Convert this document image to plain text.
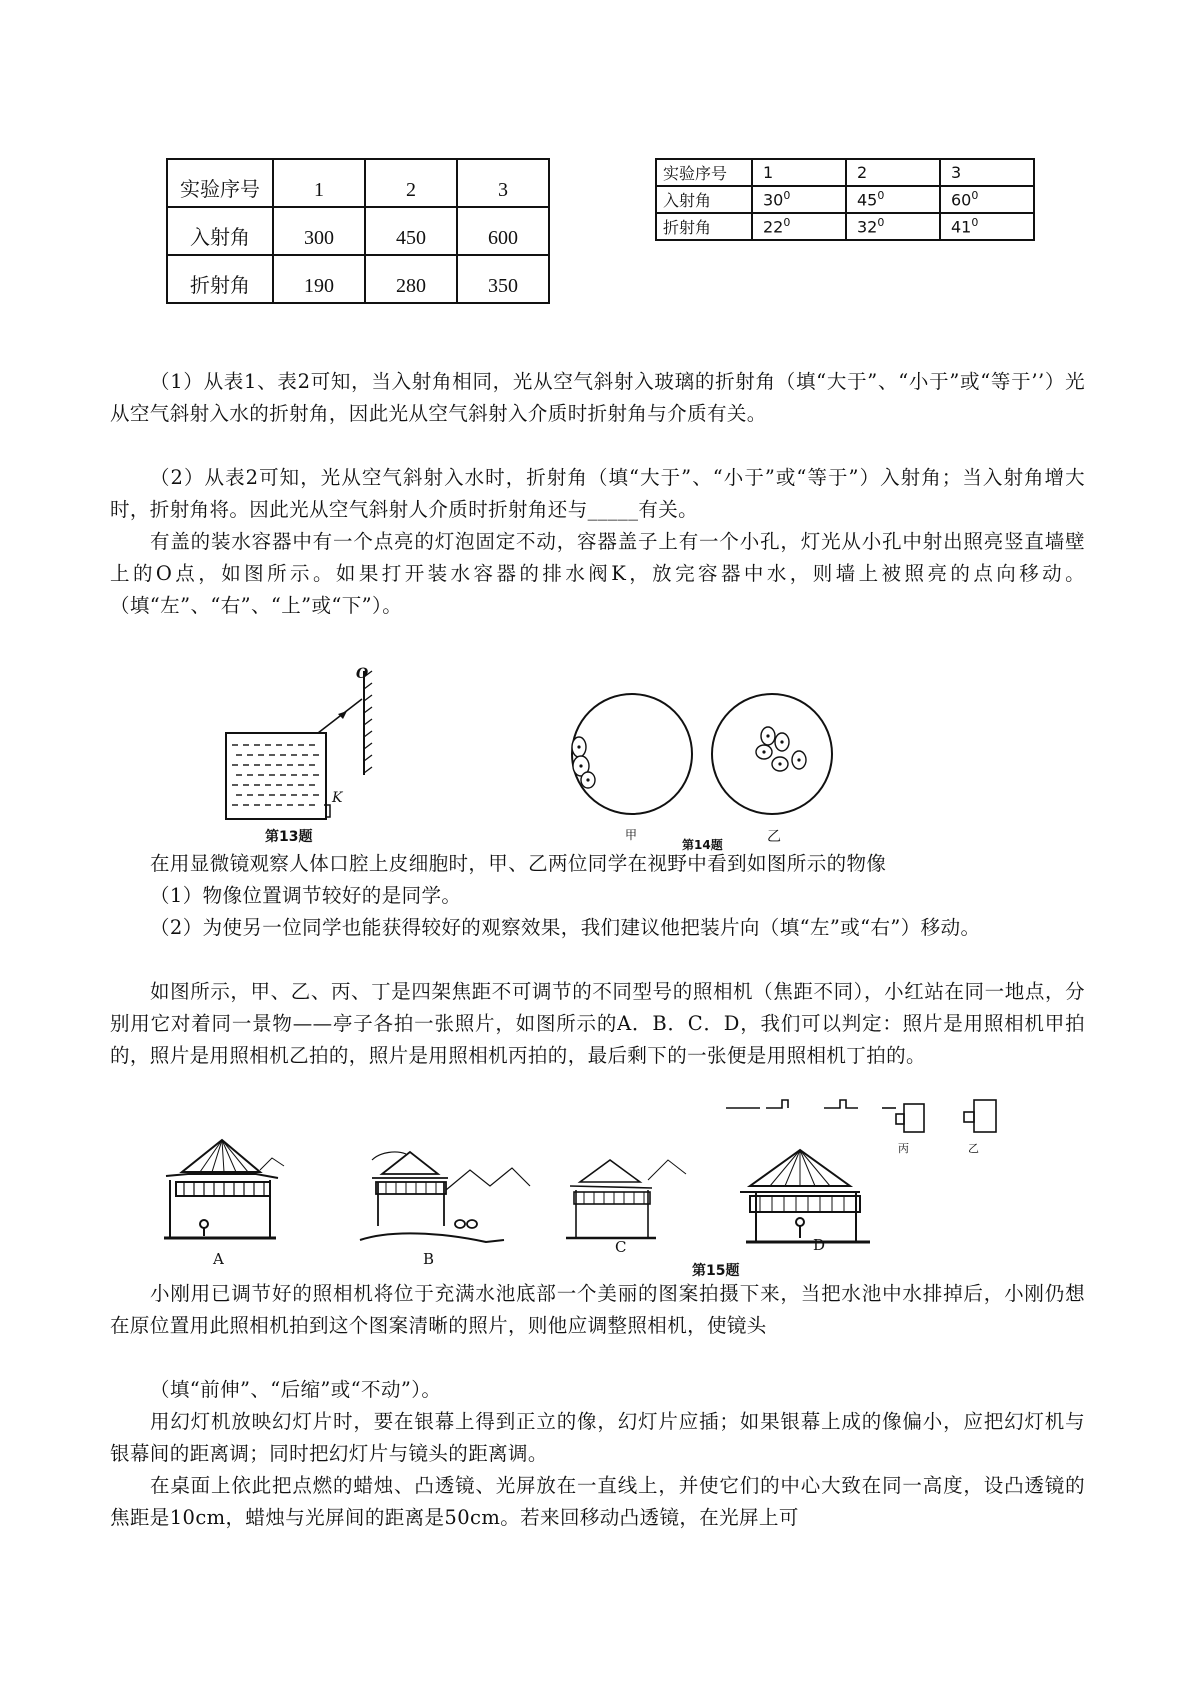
实验序号	1	2	3
入射角	300	450	600
折射角	190	280	350
实验序号	1	2	3
入射角	$30^0$	$45^0$	$60^0$
折射角	$22^0$	$32^0$	$41^0$
（1）从表1、表2可知，当入射角相同，光从空气斜射入玻璃的折射角（填“大于”、“小于”或“等于’’）光从空气斜射入水的折射角，因此光从空气斜射入介质时折射角与介质有关。
（2）从表2可知，光从空气斜射入水时，折射角（填“大于”、“小于”或“等于”）入射角；当入射角增大时，折射角将。因此光从空气斜射人介质时折射角还与_____有关。
有盖的装水容器中有一个点亮的灯泡固定不动，容器盖子上有一个小孔，灯光从小孔中射出照亮竖直墙壁上的O点，如图所示。如果打开装水容器的排水阀K，放完容器中水，则墙上被照亮的点向移动。（填“左”、“右”、“上”或“下”）。
O
K
第13题	甲
第14题	乙
在用显微镜观察人体口腔上皮细胞时，甲、乙两位同学在视野中看到如图所示的物像
（1）物像位置调节较好的是同学。
（2）为使另一位同学也能获得较好的观察效果，我们建议他把装片向（填“左”或“右”）移动。
如图所示，甲、乙、丙、丁是四架焦距不可调节的不同型号的照相机（焦距不同），小红站在同一地点，分别用它对着同一景物——亭子各拍一张照片，如图所示的A．B．C．D，我们可以判定：照片是用照相机甲拍的，照片是用照相机乙拍的，照片是用照相机丙拍的，最后剩下的一张便是用照相机丁拍的。
A	B
C	D
第15题
丙	乙
小刚用已调节好的照相机将位于充满水池底部一个美丽的图案拍摄下来，当把水池中水排掉后，小刚仍想在原位置用此照相机拍到这个图案清晰的照片，则他应调整照相机，使镜头
（填“前伸”、“后缩”或“不动”）。
用幻灯机放映幻灯片时，要在银幕上得到正立的像，幻灯片应插；如果银幕上成的像偏小，应把幻灯机与银幕间的距离调；同时把幻灯片与镜头的距离调。
在桌面上依此把点燃的蜡烛、凸透镜、光屏放在一直线上，并使它们的中心大致在同一高度，设凸透镜的焦距是10cm，蜡烛与光屏间的距离是50cm。若来回移动凸透镜，在光屏上可
